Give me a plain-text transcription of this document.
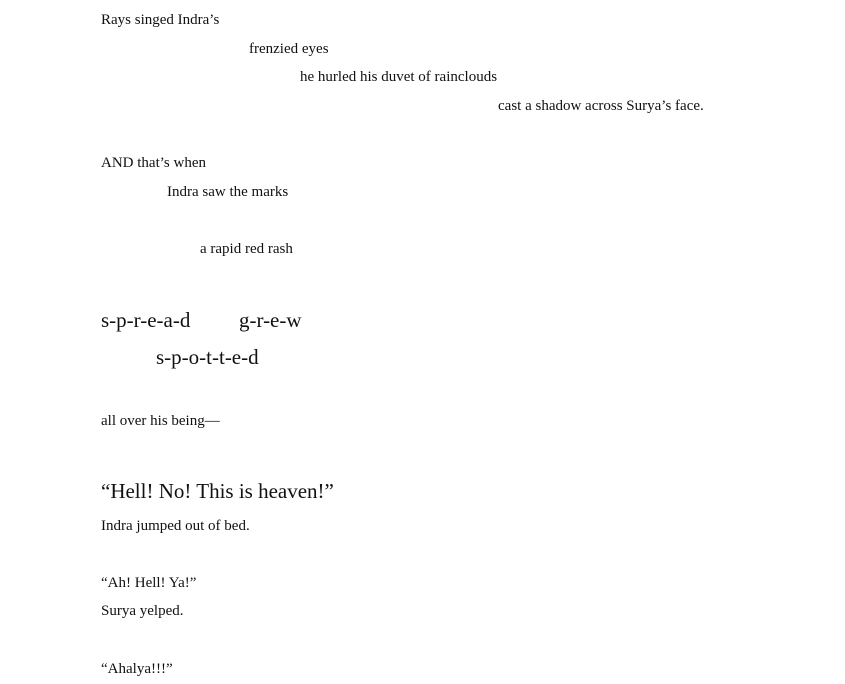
Rays singed Indra’s
frenzied eyes
he hurled his duvet of rainclouds
cast a shadow across Surya’s face.
AND that’s when
Indra saw the marks
a rapid red rash
s-p-r-e-a-d g-r-e-w
s-p-o-t-t-e-d
all over his being—
“Hell! No! This is heaven!”
Indra jumped out of bed.
“Ah! Hell! Ya!”
Surya yelped.
“Ahalya!!!”
